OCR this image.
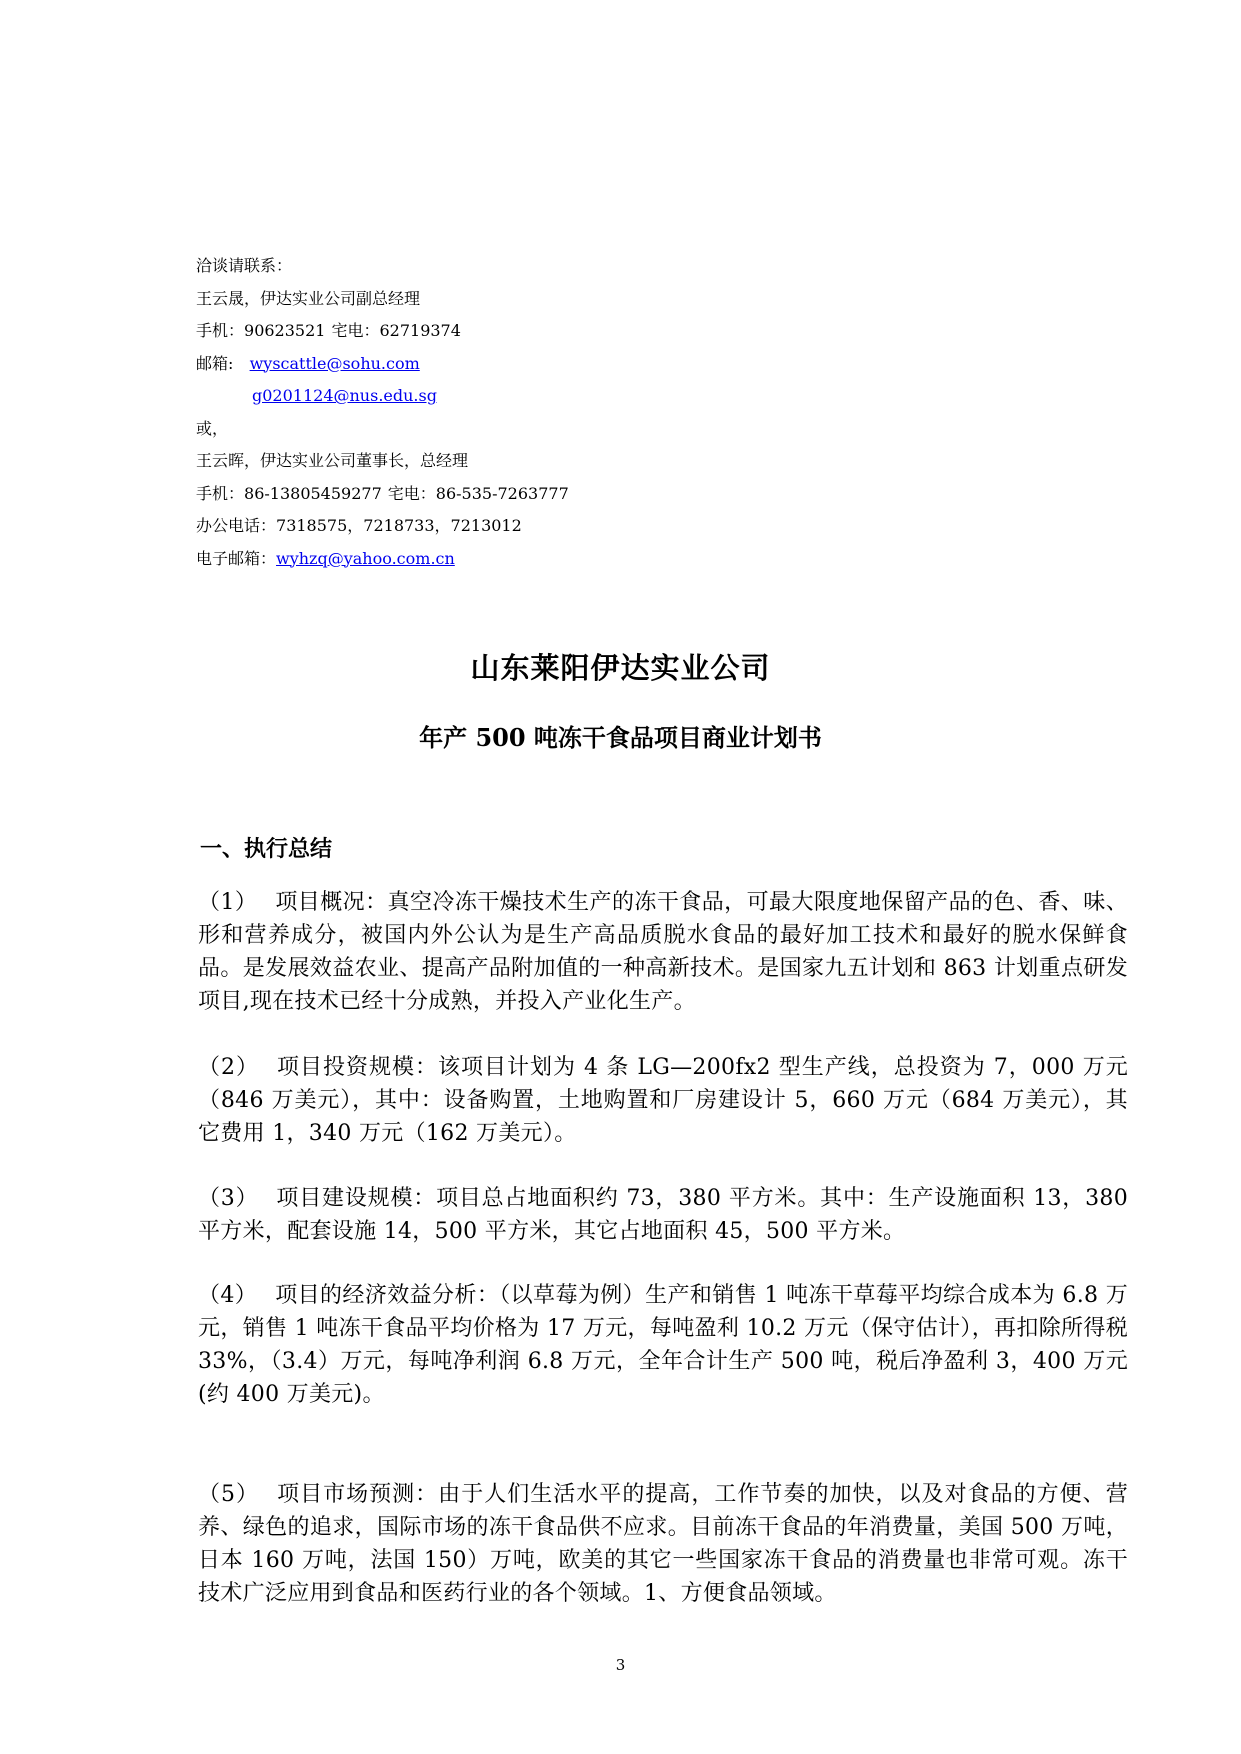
洽谈请联系：
王云晟，伊达实业公司副总经理
手机：90623521 宅电：62719374
邮箱: wyscattle@sohu.com
g0201124@nus.edu.sg
或，
王云晖，伊达实业公司董事长，总经理
手机：86-13805459277 宅电：86-535-7263777
办公电话：7318575，7218733，7213012
电子邮箱：wyhzq@yahoo.com.cn
山东莱阳伊达实业公司
年产 500 吨冻干食品项目商业计划书
一、执行总结
（1） 项目概况：真空冷冻干燥技术生产的冻干食品，可最大限度地保留产品的色、香、味、形和营养成分，被国内外公认为是生产高品质脱水食品的最好加工技术和最好的脱水保鲜食品。是发展效益农业、提高产品附加值的一种高新技术。是国家九五计划和 863 计划重点研发项目,现在技术已经十分成熟，并投入产业化生产。
（2） 项目投资规模：该项目计划为 4 条 LG—200fx2 型生产线，总投资为 7，000 万元（846 万美元），其中：设备购置，土地购置和厂房建设计 5，660 万元（684 万美元），其它费用 1，340 万元（162 万美元）。
（3） 项目建设规模：项目总占地面积约 73，380 平方米。其中：生产设施面积 13，380 平方米，配套设施 14，500 平方米，其它占地面积 45，500 平方米。
（4） 项目的经济效益分析：（以草莓为例）生产和销售 1 吨冻干草莓平均综合成本为 6.8 万元，销售 1 吨冻干食品平均价格为 17 万元，每吨盈利 10.2 万元（保守估计），再扣除所得税 33%，（3.4）万元，每吨净利润 6.8 万元，全年合计生产 500 吨，税后净盈利 3，400 万元(约 400 万美元)。
（5） 项目市场预测：由于人们生活水平的提高，工作节奏的加快，以及对食品的方便、营养、绿色的追求，国际市场的冻干食品供不应求。目前冻干食品的年消费量，美国 500 万吨，日本 160 万吨，法国 150）万吨，欧美的其它一些国家冻干食品的消费量也非常可观。冻干技术广泛应用到食品和医药行业的各个领域。1、方便食品领域。
3
